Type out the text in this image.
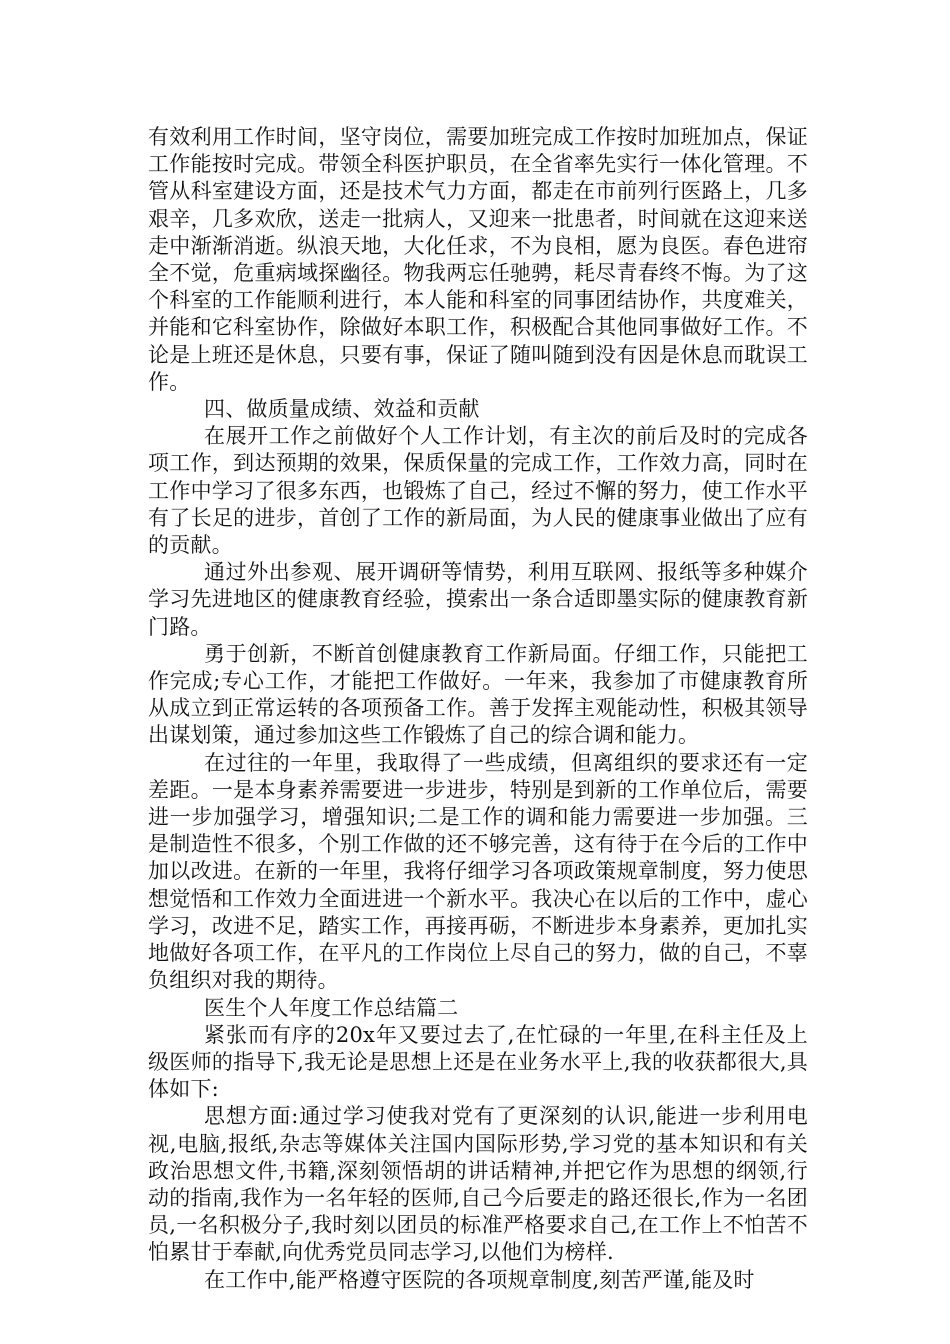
有效利用工作时间，坚守岗位，需要加班完成工作按时加班加点，保证工作能按时完成。带领全科医护职员，在全省率先实行一体化管理。不管从科室建设方面，还是技术气力方面，都走在市前列行医路上，几多艰辛，几多欢欣，送走一批病人，又迎来一批患者，时间就在这迎来送走中渐渐消逝。纵浪天地，大化任求，不为良相，愿为良医。春色进帘全不觉，危重病域探幽径。物我两忘任驰骋，耗尽青春终不悔。为了这个科室的工作能顺利进行，本人能和科室的同事团结协作，共度难关，并能和它科室协作，除做好本职工作，积极配合其他同事做好工作。不论是上班还是休息，只要有事，保证了随叫随到没有因是休息而耽误工作。

四、做质量成绩、效益和贡献

在展开工作之前做好个人工作计划，有主次的前后及时的完成各项工作，到达预期的效果，保质保量的完成工作，工作效力高，同时在工作中学习了很多东西，也锻炼了自己，经过不懈的努力，使工作水平有了长足的进步，首创了工作的新局面，为人民的健康事业做出了应有的贡献。

通过外出参观、展开调研等情势，利用互联网、报纸等多种媒介学习先进地区的健康教育经验，摸索出一条合适即墨实际的健康教育新门路。

勇于创新，不断首创健康教育工作新局面。仔细工作，只能把工作完成;专心工作，才能把工作做好。一年来，我参加了市健康教育所从成立到正常运转的各项预备工作。善于发挥主观能动性，积极其领导出谋划策，通过参加这些工作锻炼了自己的综合调和能力。

在过往的一年里，我取得了一些成绩，但离组织的要求还有一定差距。一是本身素养需要进一步进步，特别是到新的工作单位后，需要进一步加强学习，增强知识;二是工作的调和能力需要进一步加强。三是制造性不很多，个别工作做的还不够完善，这有待于在今后的工作中加以改进。在新的一年里，我将仔细学习各项政策规章制度，努力使思想觉悟和工作效力全面进进一个新水平。我决心在以后的工作中，虚心学习，改进不足，踏实工作，再接再砺，不断进步本身素养，更加扎实地做好各项工作，在平凡的工作岗位上尽自己的努力，做的自己，不辜负组织对我的期待。

医生个人年度工作总结篇二

紧张而有序的20x年又要过去了,在忙碌的一年里,在科主任及上级医师的指导下,我无论是思想上还是在业务水平上,我的收获都很大,具体如下:

思想方面:通过学习使我对党有了更深刻的认识,能进一步利用电视,电脑,报纸,杂志等媒体关注国内国际形势,学习党的基本知识和有关政治思想文件,书籍,深刻领悟胡的讲话精神,并把它作为思想的纲领,行动的指南,我作为一名年轻的医师,自己今后要走的路还很长,作为一名团员,一名积极分子,我时刻以团员的标准严格要求自己,在工作上不怕苦不怕累甘于奉献,向优秀党员同志学习,以他们为榜样.

在工作中,能严格遵守医院的各项规章制度,刻苦严谨,能及时
